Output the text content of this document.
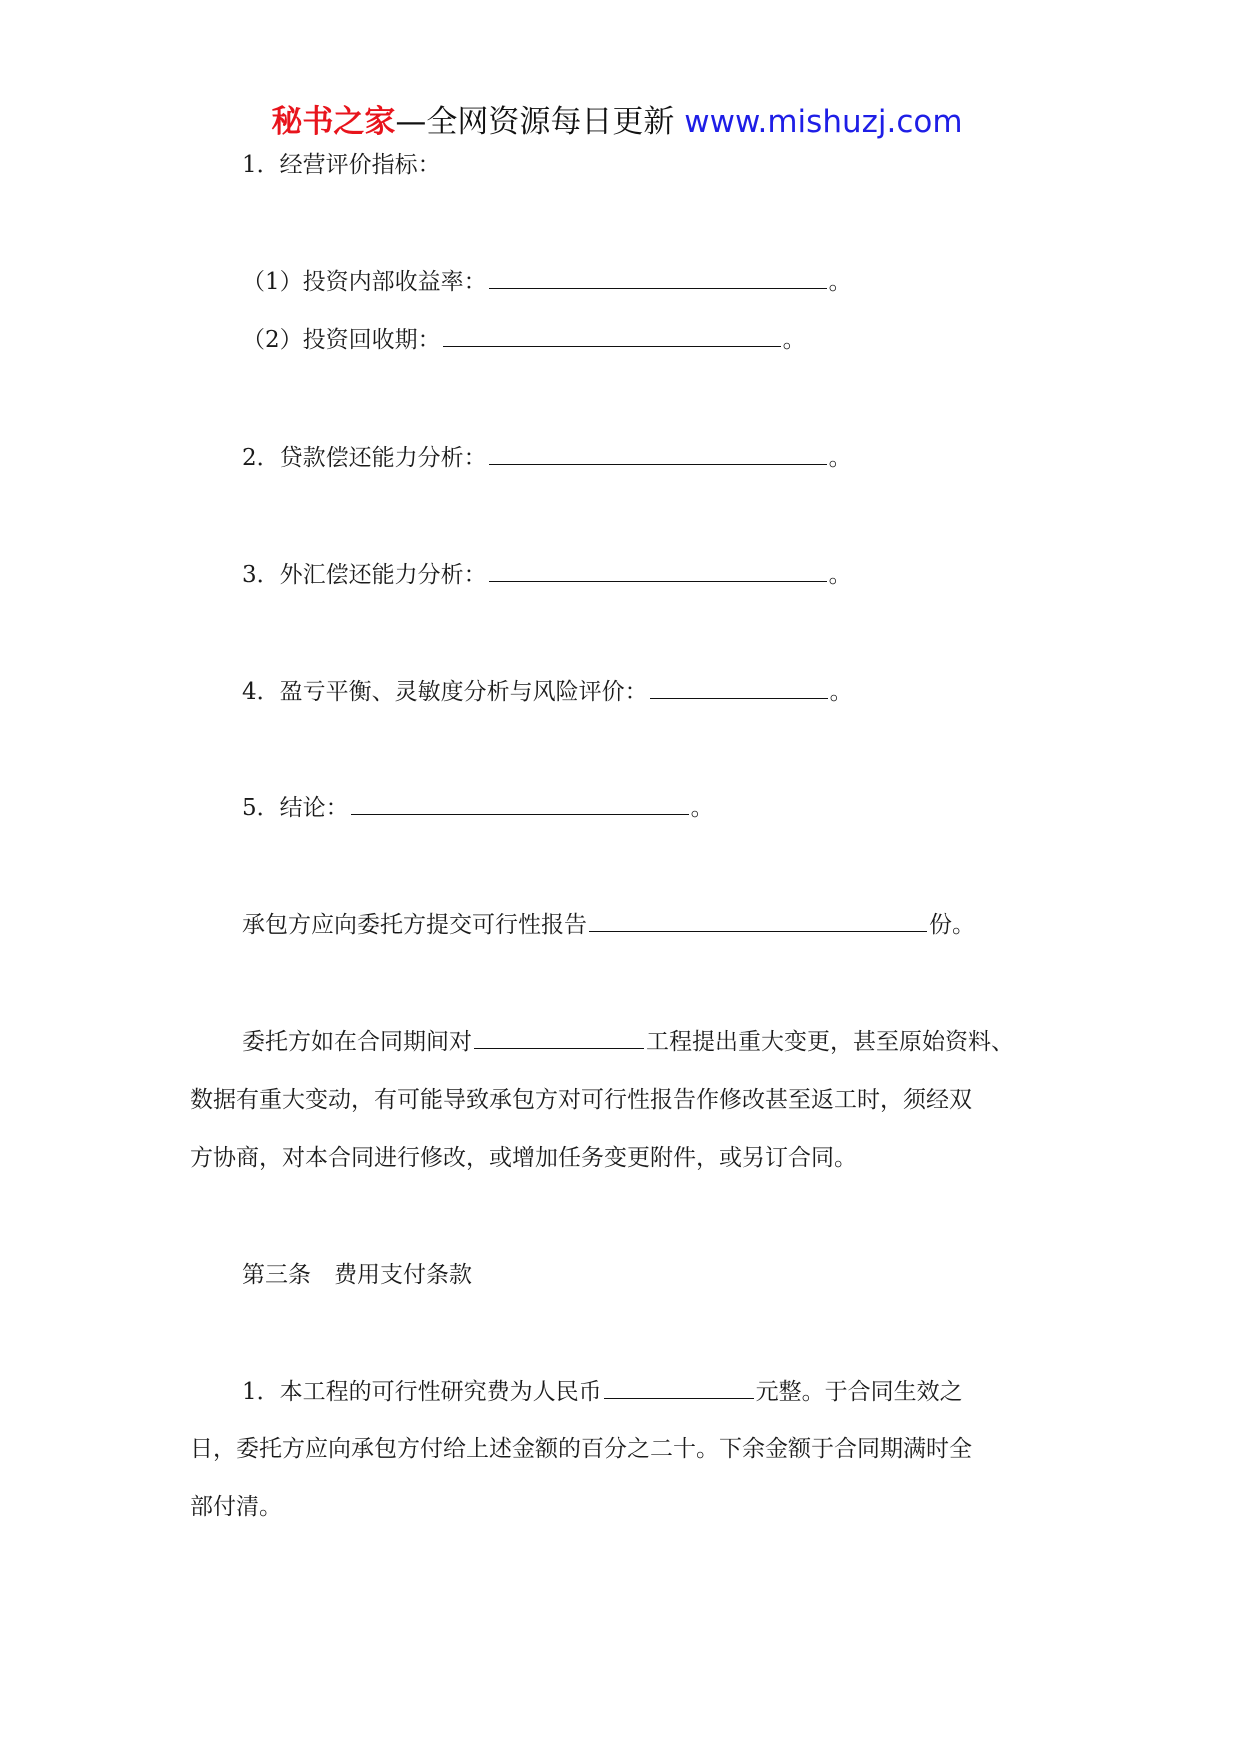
秘书之家—全网资源每日更新 www.mishuzj.com
1．经营评价指标：
（1）投资内部收益率：	。
（2）投资回收期：	。
2．贷款偿还能力分析：	。
3．外汇偿还能力分析：	。
4．盈亏平衡、灵敏度分析与风险评价：	。
5．结论：	。
承包方应向委托方提交可行性报告	份。
委托方如在合同期间对	工程提出重大变更，甚至原始资料、
数据有重大变动，有可能导致承包方对可行性报告作修改甚至返工时，须经双
方协商，对本合同进行修改，或增加任务变更附件，或另订合同。
第三条　费用支付条款
1．本工程的可行性研究费为人民币	元整。于合同生效之
日，委托方应向承包方付给上述金额的百分之二十。下余金额于合同期满时全
部付清。
